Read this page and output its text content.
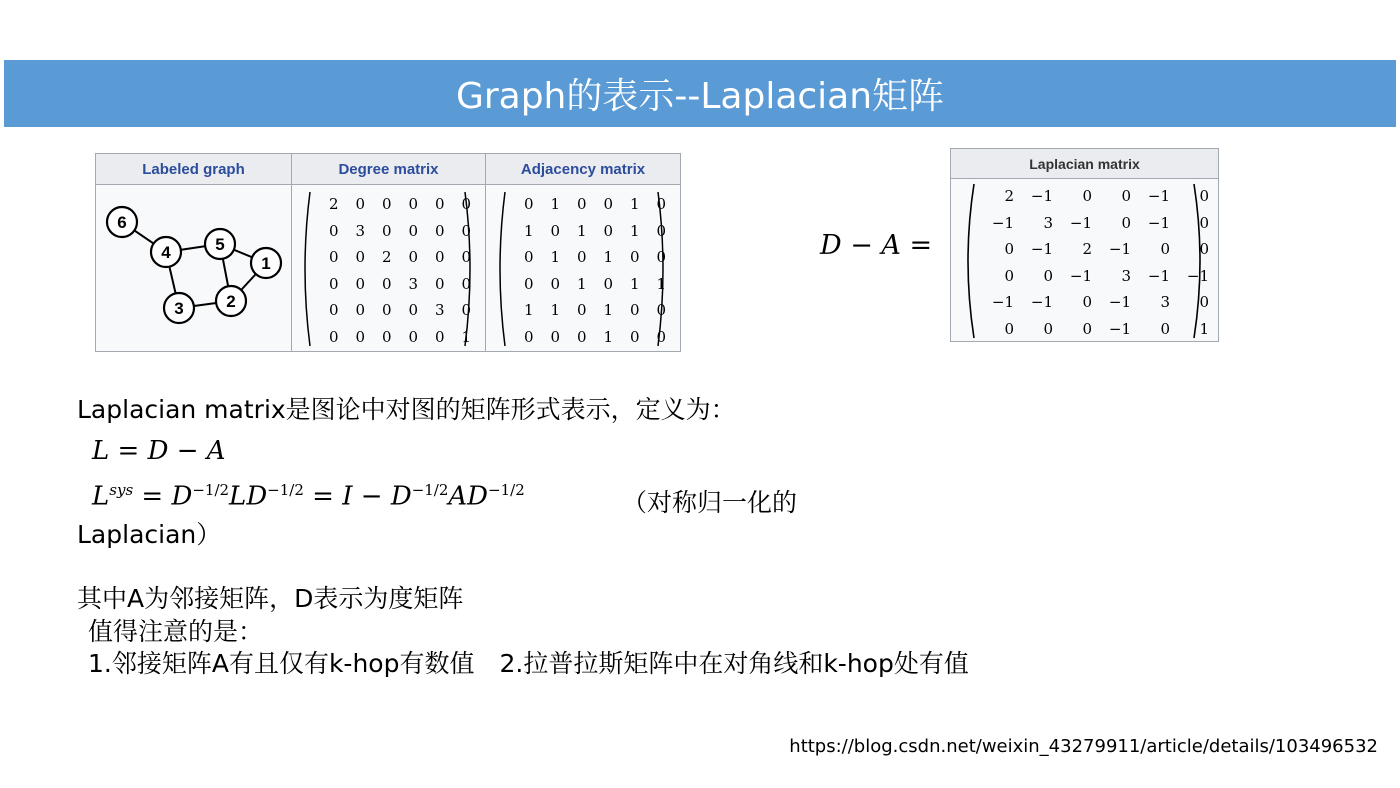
Graph的表示--Laplacian矩阵
Labeled graph	Degree matrix	Adjacency matrix

6
4	5
1
3	2

2	0	0	0	0	0
0	3	0	0	0	0
0	0	2	0	0	0
0	0	0	3	0	0
0	0	0	0	3	0
0	0	0	0	0	1

0	1	0	0	1	0
1	0	1	0	1	0
0	1	0	1	0	0
0	0	1	0	1	1
1	1	0	1	0	0
0	0	0	1	0	0
D − A =
Laplacian matrix

2	−1	0	0	−1	0
−1	3	−1	0	−1	0
0	−1	2	−1	0	0
0	0	−1	3	−1	−1
−1	−1	0	−1	3	0
0	0	0	−1	0	1
Laplacian matrix是图论中对图的矩阵形式表示，定义为：
L = D − A
$L^{sys} = D^{-1/2}LD^{-1/2} = I - D^{-1/2}AD^{-1/2}$	（对称归一化的
Laplacian）
其中A为邻接矩阵，D表示为度矩阵
值得注意的是：
1.邻接矩阵A有且仅有k-hop有数值　2.拉普拉斯矩阵中在对角线和k-hop处有值
https://blog.csdn.net/weixin_43279911/article/details/103496532
